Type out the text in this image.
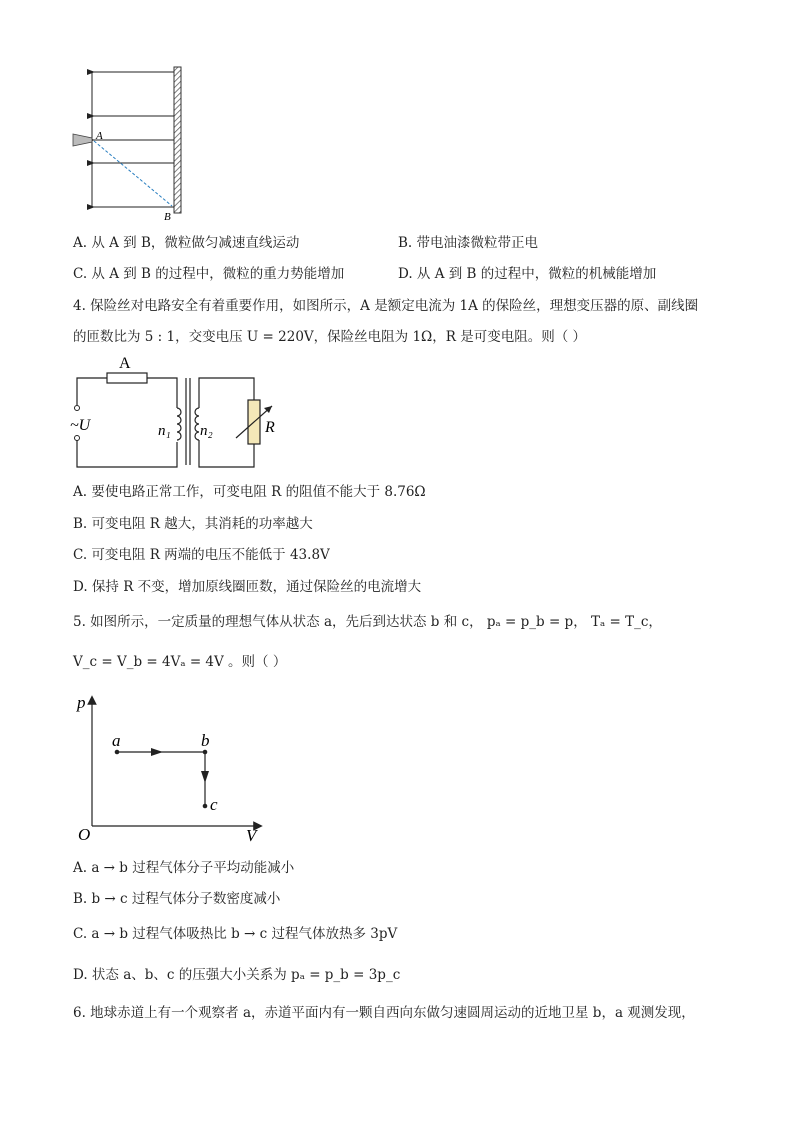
A
B
A. 从 A 到 B，微粒做匀减速直线运动	B. 带电油漆微粒带正电
C. 从 A 到 B 的过程中，微粒的重力势能增加	D. 从 A 到 B 的过程中，微粒的机械能增加
4. 保险丝对电路安全有着重要作用，如图所示，A 是额定电流为 1A 的保险丝，理想变压器的原、副线圈
的匝数比为 5 : 1，交变电压 U = 220V，保险丝电阻为 1Ω，R 是可变电阻。则（ ）
A
~U	n₁ n₂	R
A. 要使电路正常工作，可变电阻 R 的阻值不能大于 8.76Ω
B. 可变电阻 R 越大，其消耗的功率越大
C. 可变电阻 R 两端的电压不能低于 43.8V
D. 保持 R 不变，增加原线圈匝数，通过保险丝的电流增大
5. 如图所示，一定质量的理想气体从状态 a，先后到达状态 b 和 c， pₐ = p_b = p， Tₐ = T_c，
V_c = V_b = 4Vₐ = 4V 。则（ ）
p
V
O
a	b
c
A. a → b 过程气体分子平均动能减小
B. b → c 过程气体分子数密度减小
C. a → b 过程气体吸热比 b → c 过程气体放热多 3pV
D. 状态 a、b、c 的压强大小关系为 pₐ = p_b = 3p_c
6. 地球赤道上有一个观察者 a，赤道平面内有一颗自西向东做匀速圆周运动的近地卫星 b，a 观测发现，
